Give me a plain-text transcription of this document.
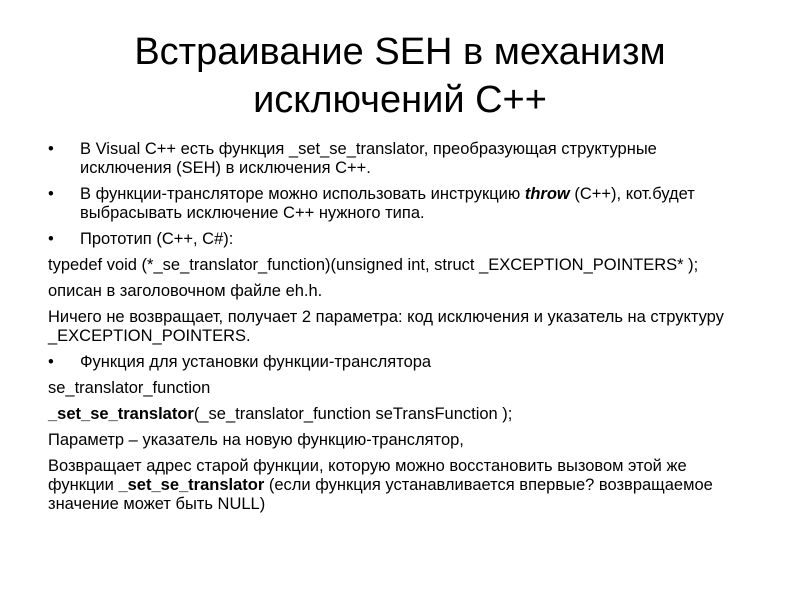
Встраивание SEH в механизм исключений С++
• В Visual C++ есть функция _set_se_translator, преобразующая структурные исключения (SEH) в исключения С++.
• В функции-трансляторе можно использовать инструкцию throw (С++), кот.будет выбрасывать исключение С++ нужного типа.
• Прототип (C++, C#):
typedef void (*_se_translator_function)(unsigned int, struct _EXCEPTION_POINTERS* );
описан в заголовочном файле eh.h.
Ничего не возвращает, получает 2 параметра: код исключения и указатель на структуру _EXCEPTION_POINTERS.
• Функция для установки функции-транслятора
se_translator_function
_set_se_translator(_se_translator_function seTransFunction );
Параметр – указатель на новую функцию-транслятор,
Возвращает адрес старой функции, которую можно восстановить вызовом этой же функции _set_se_translator (если функция устанавливается впервые? возвращаемое значение может быть NULL)
